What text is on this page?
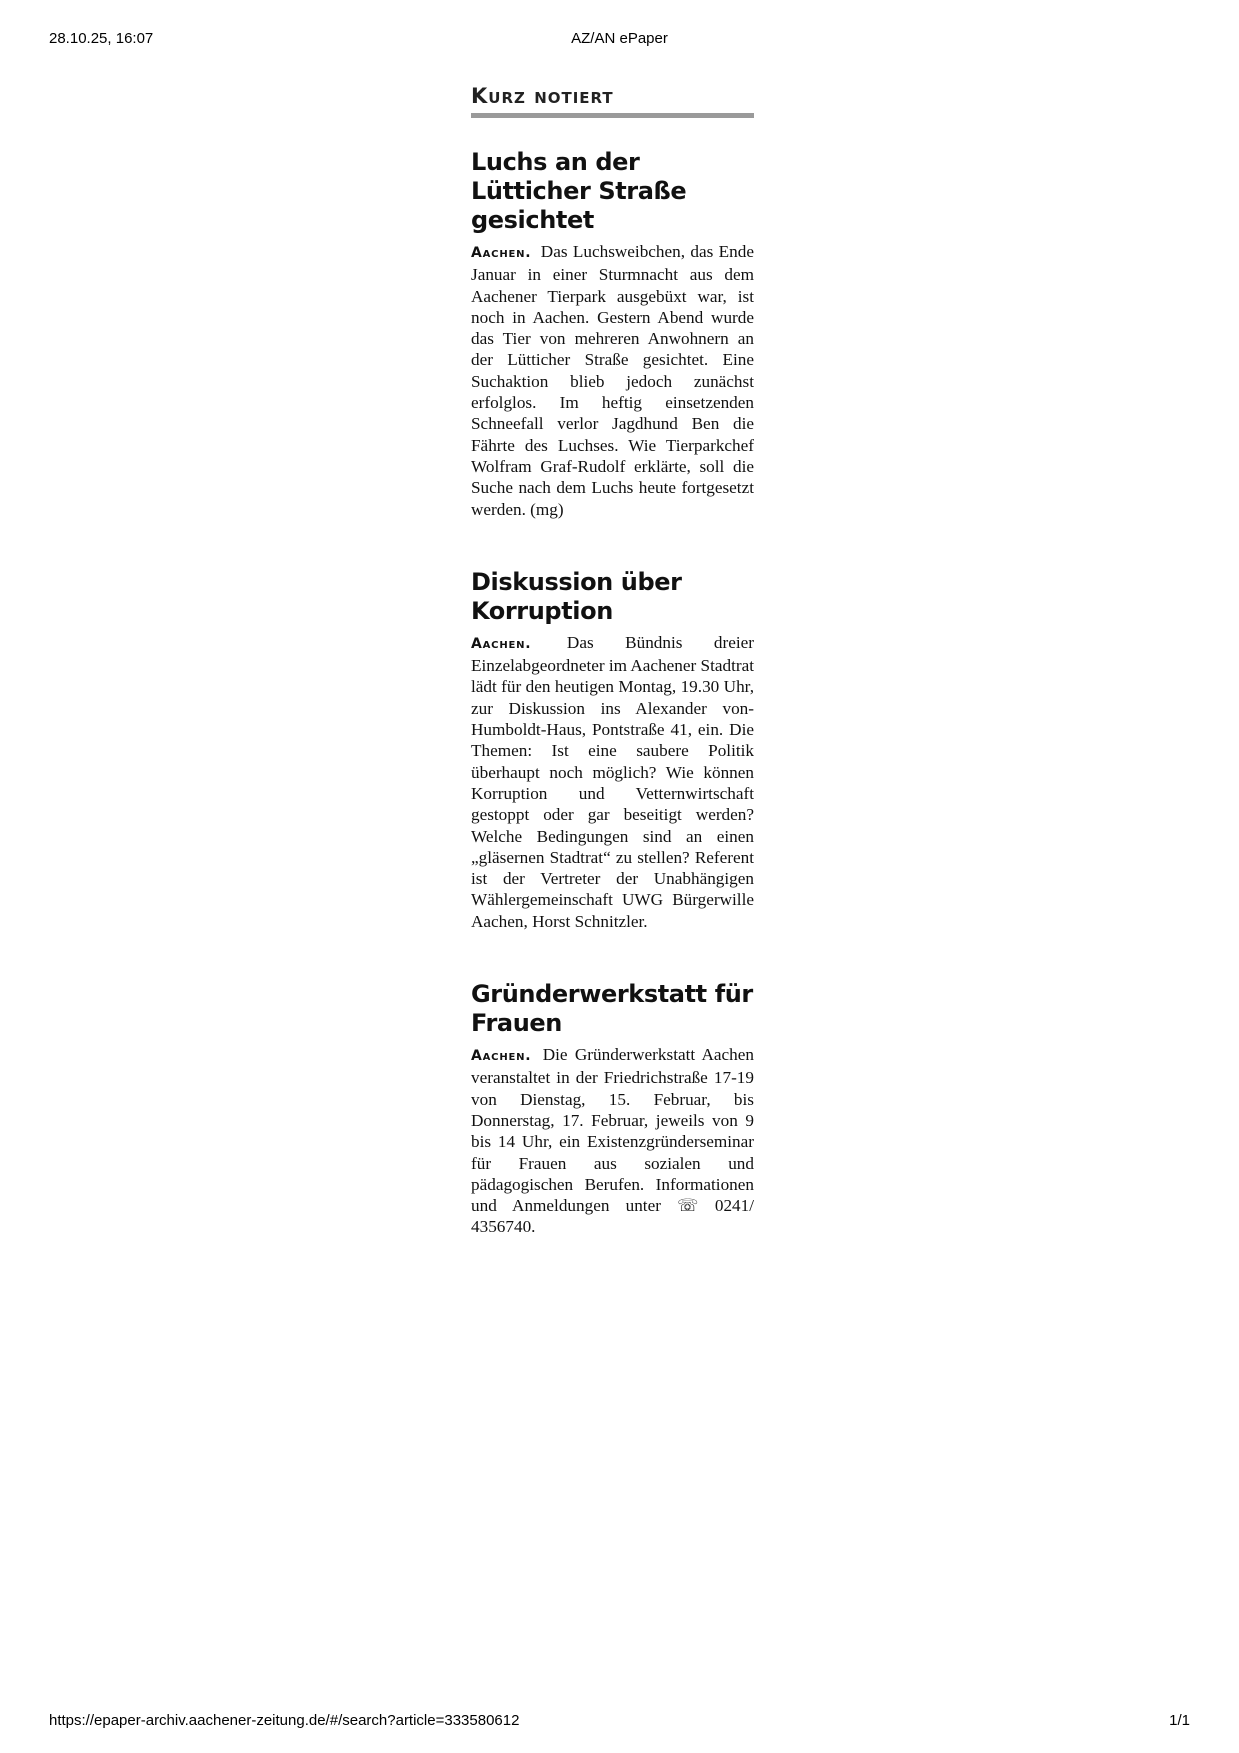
28.10.25, 16:07	AZ/AN ePaper
Kurz notiert
Luchs an der Lütticher Straße gesichtet

Aachen. Das Luchsweibchen, das Ende Januar in einer Sturmnacht aus dem Aachener Tierpark ausgebüxt war, ist noch in Aachen. Gestern Abend wurde das Tier von mehreren Anwohnern an der Lütticher Straße gesichtet. Eine Suchaktion blieb jedoch zunächst erfolglos. Im heftig einsetzenden Schneefall verlor Jagdhund Ben die Fährte des Luchses. Wie Tierparkchef Wolfram Graf-Rudolf erklärte, soll die Suche nach dem Luchs heute fortgesetzt werden. (mg)

Diskussion über Korruption

Aachen. Das Bündnis dreier Einzelabgeordneter im Aachener Stadtrat lädt für den heutigen Montag, 19.30 Uhr, zur Diskussion ins Alexander von-Humboldt-Haus, Pontstraße 41, ein. Die Themen: Ist eine saubere Politik überhaupt noch möglich? Wie können Korruption und Vetternwirtschaft gestoppt oder gar beseitigt werden? Welche Bedingungen sind an einen „gläsernen Stadtrat“ zu stellen? Referent ist der Vertreter der Unabhängigen Wählergemeinschaft UWG Bürgerwille Aachen, Horst Schnitzler.

Gründerwerkstatt für Frauen

Aachen. Die Gründerwerkstatt Aachen veranstaltet in der Friedrichstraße 17-19 von Dienstag, 15. Februar, bis Donnerstag, 17. Februar, jeweils von 9 bis 14 Uhr, ein Existenzgründerseminar für Frauen aus sozialen und pädagogischen Berufen. Informationen und Anmeldungen unter ☏ 0241/ 4356740.

https://epaper-archiv.aachener-zeitung.de/#/search?article=333580612	1/1
